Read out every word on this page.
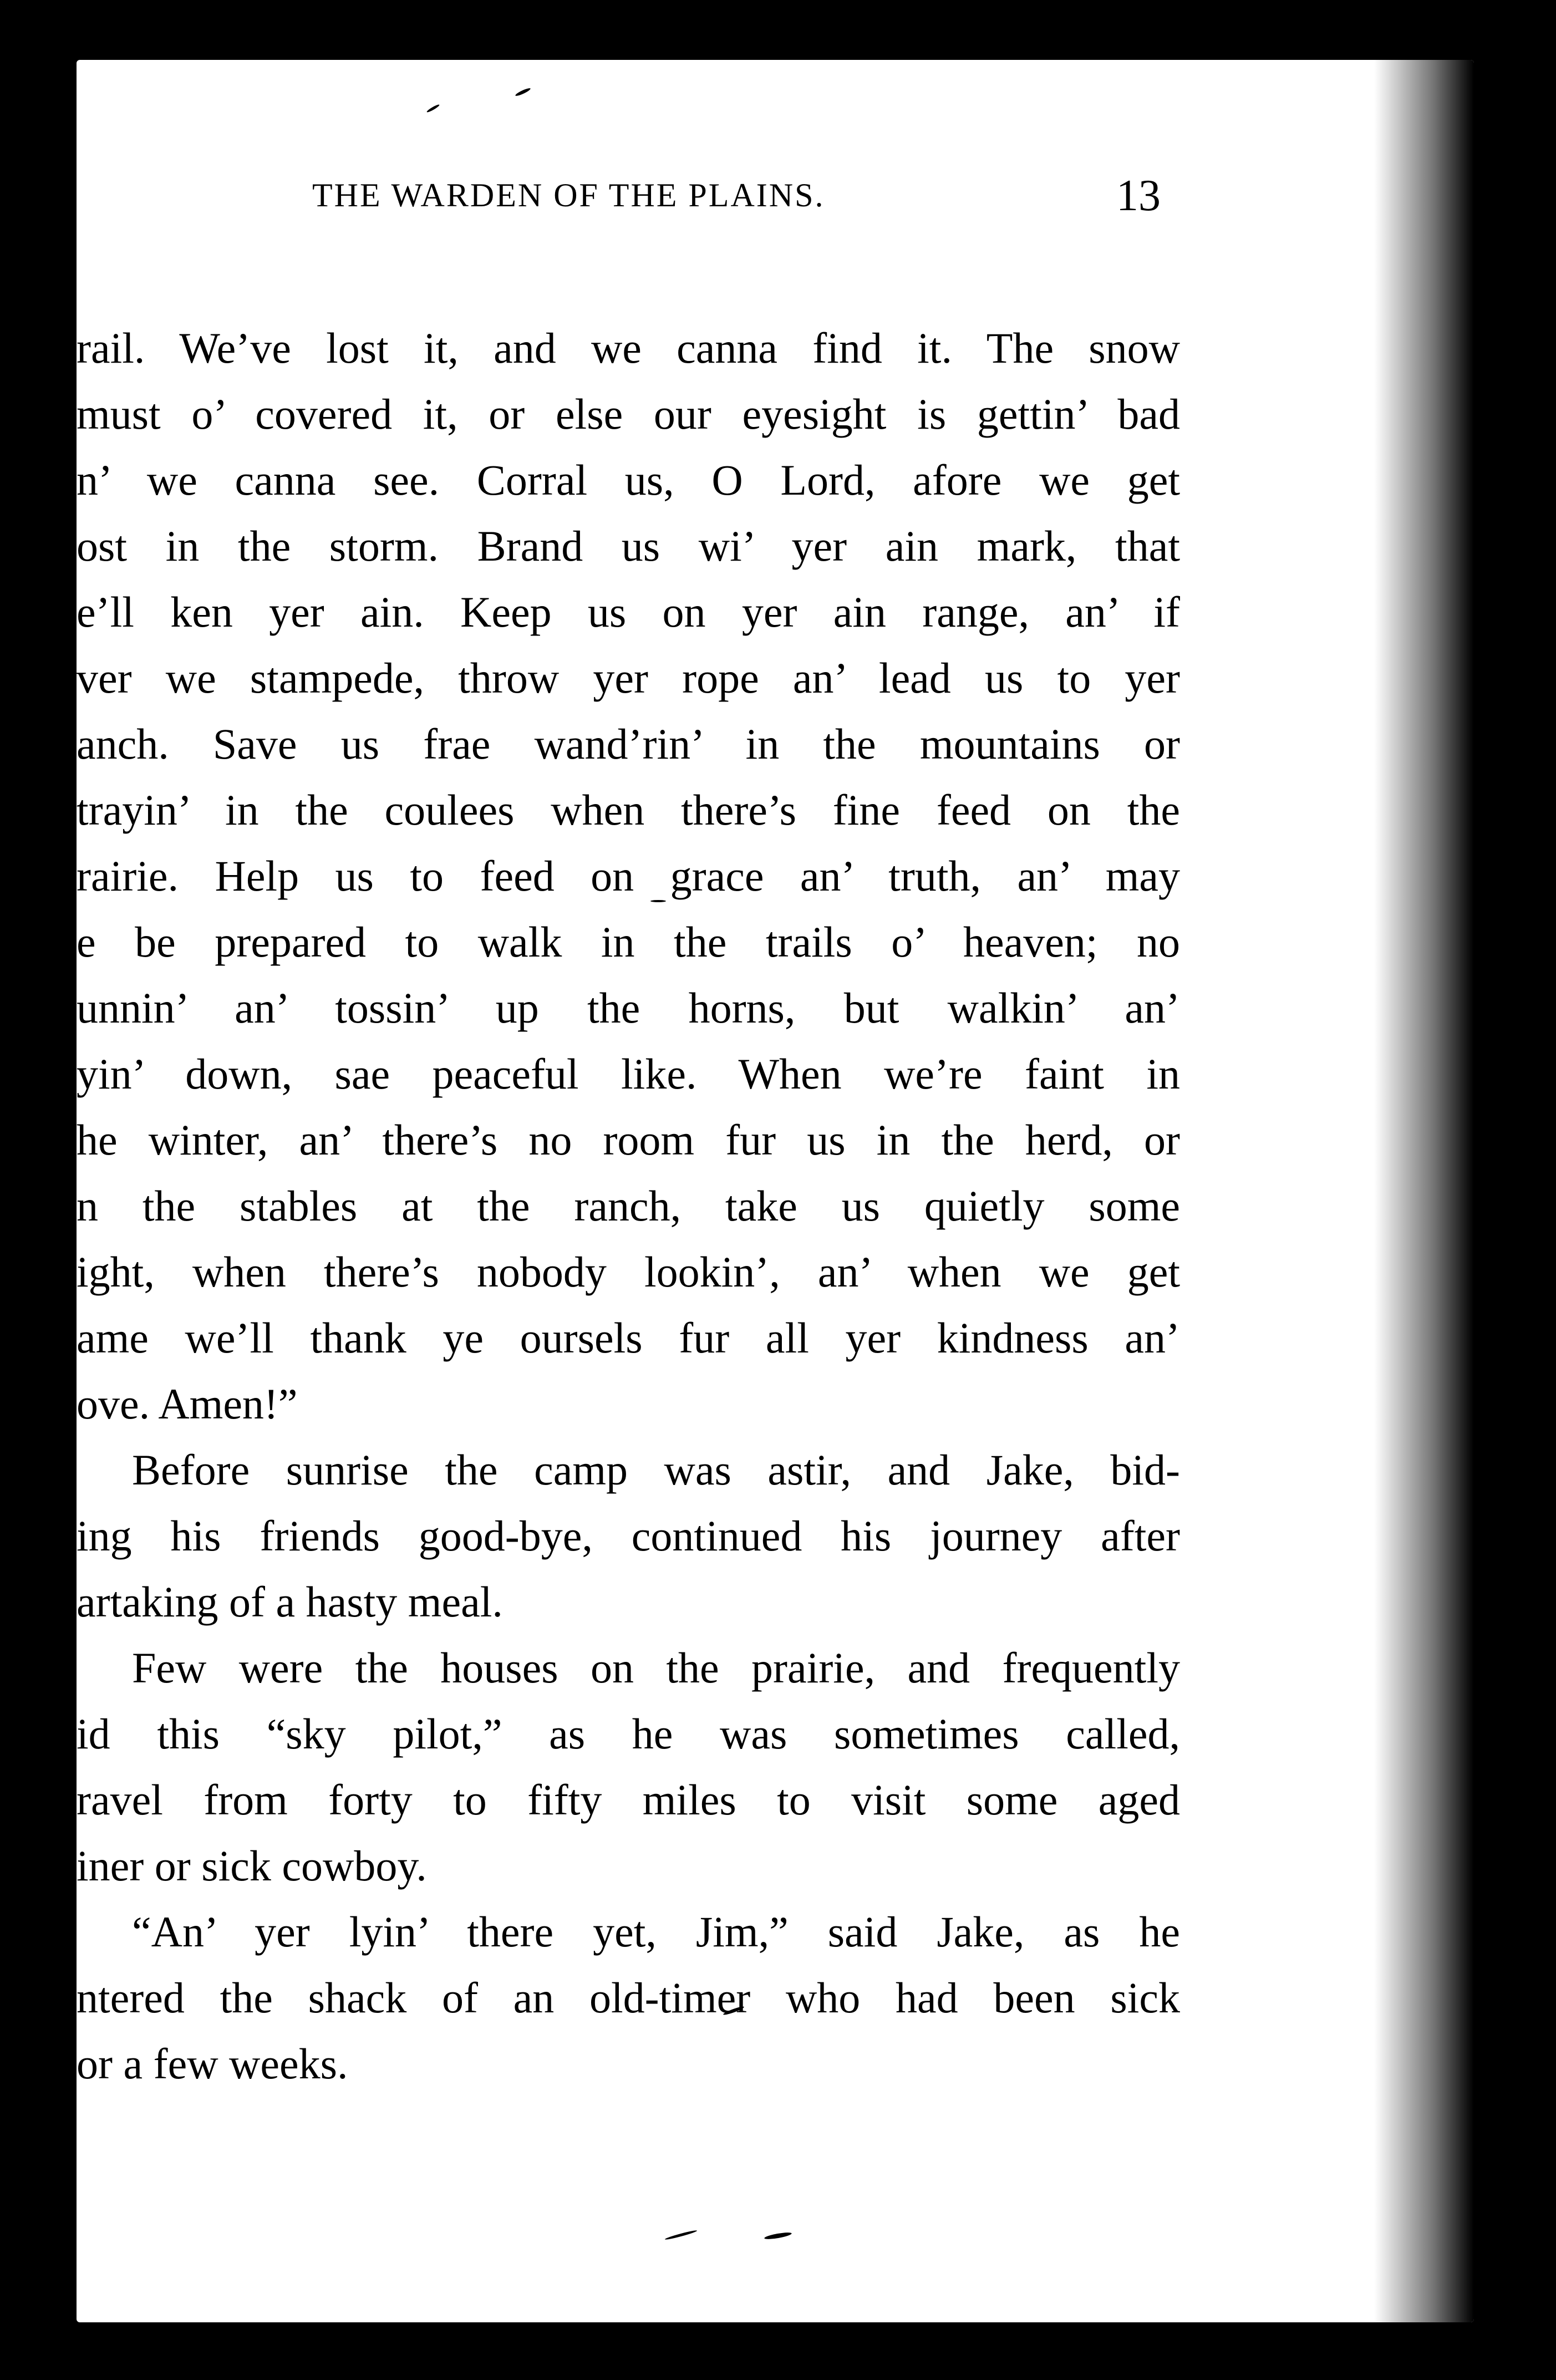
THE WARDEN OF THE PLAINS.	13
rail. We’ve lost it, and we canna find it. The snow
must o’ covered it, or else our eyesight is gettin’ bad
n’ we canna see. Corral us, O Lord, afore we get
ost in the storm. Brand us wi’ yer ain mark, that
e’ll ken yer ain. Keep us on yer ain range, an’ if
ver we stampede, throw yer rope an’ lead us to yer
anch. Save us frae wand’rin’ in the mountains or
trayin’ in the coulees when there’s fine feed on the
rairie. Help us to feed on grace an’ truth, an’ may
e be prepared to walk in the trails o’ heaven; no
unnin’ an’ tossin’ up the horns, but walkin’ an’
yin’ down, sae peaceful like. When we’re faint in
he winter, an’ there’s no room fur us in the herd, or
n the stables at the ranch, take us quietly some
ight, when there’s nobody lookin’, an’ when we get
ame we’ll thank ye oursels fur all yer kindness an’
ove. Amen!”
Before sunrise the camp was astir, and Jake, bid-
ing his friends good-bye, continued his journey after
artaking of a hasty meal.
Few were the houses on the prairie, and frequently
id this “sky pilot,” as he was sometimes called,
ravel from forty to fifty miles to visit some aged
iner or sick cowboy.
“An’ yer lyin’ there yet, Jim,” said Jake, as he
ntered the shack of an old-timer who had been sick
or a few weeks.
